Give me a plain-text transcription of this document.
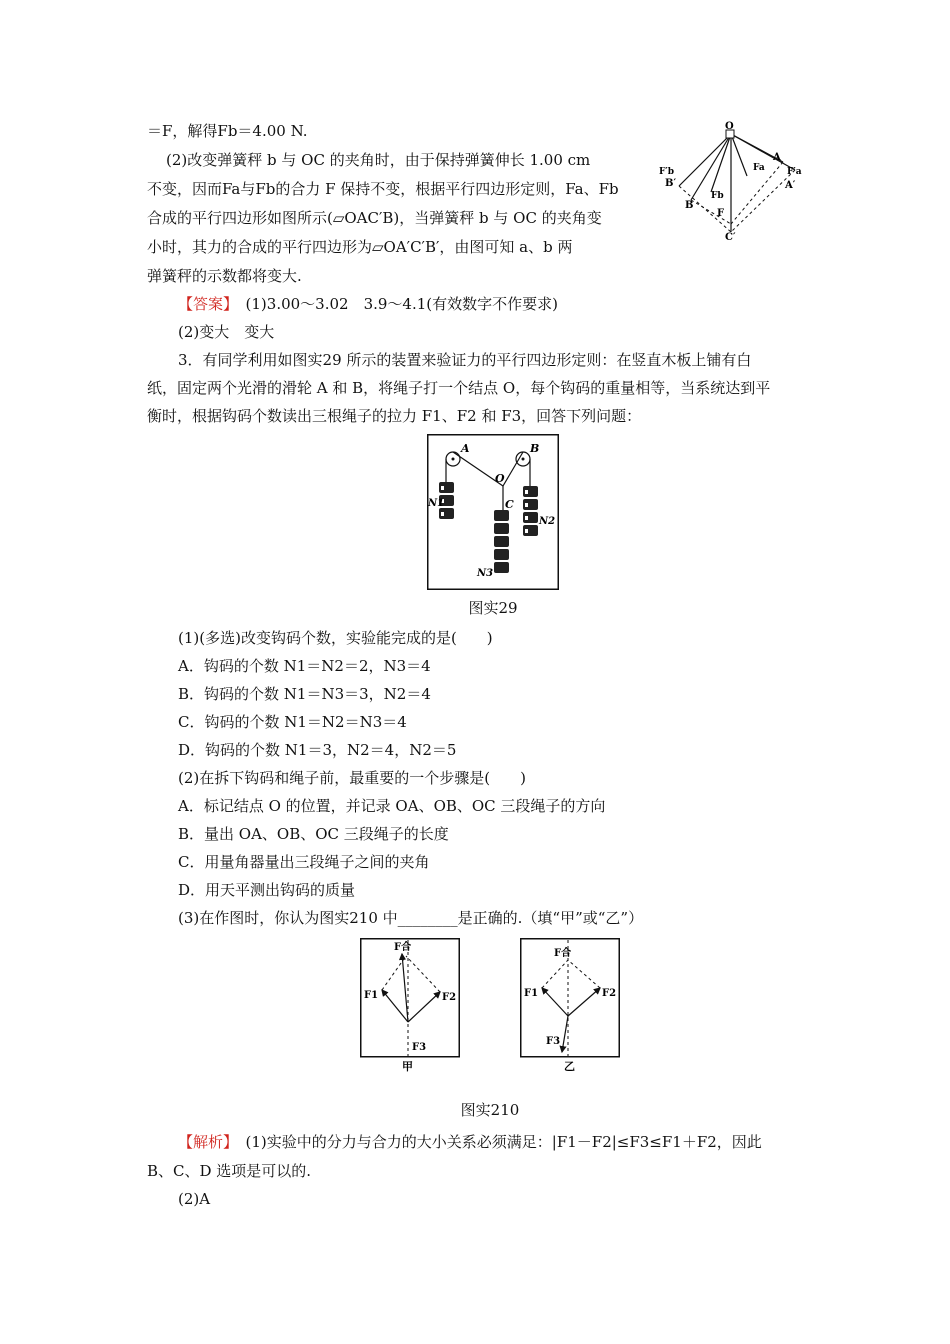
＝F，解得Fb＝4.00 N.
(2)改变弹簧秤 b 与 OC 的夹角时，由于保持弹簧伸长 1.00 cm
不变，因而Fa与Fb的合力 F 保持不变，根据平行四边形定则，Fa、Fb
合成的平行四边形如图所示(▱OAC′B)，当弹簧秤 b 与 OC 的夹角变
小时，其力的合成的平行四边形为▱OA′C′B′，由图可知 a、b 两
弹簧秤的示数都将变大.
O
A
A′
B
B′
C′
F
Fa F′a
Fb
F′b
【答案】　 (1)3.00～3.02　3.9～4.1(有效数字不作要求)
(2)变大　变大
3．有同学利用如图实29 所示的装置来验证力的平行四边形定则：在竖直木板上铺有白
纸，固定两个光滑的滑轮 A 和 B，将绳子打一个结点 O，每个钩码的重量相等，当系统达到平
衡时，根据钩码个数读出三根绳子的拉力 F1、F2 和 F3，回答下列问题：
A	B
O
C
N1
N2
N3
图实29
(1)(多选)改变钩码个数，实验能完成的是(　　)
A．钩码的个数 N1＝N2＝2，N3＝4
B．钩码的个数 N1＝N3＝3，N2＝4
C．钩码的个数 N1＝N2＝N3＝4
D．钩码的个数 N1＝3，N2＝4，N2＝5
(2)在拆下钩码和绳子前，最重要的一个步骤是(　　)
A．标记结点 O 的位置，并记录 OA、OB、OC 三段绳子的方向
B．量出 OA、OB、OC 三段绳子的长度
C．用量角器量出三段绳子之间的夹角
D．用天平测出钩码的质量
(3)在作图时，你认为图实210 中________是正确的.（填“甲”或“乙”）
F合
F1	F2
F3
甲
F合
F1	F2
F3
乙
图实210
【解析】　 (1)实验中的分力与合力的大小关系必须满足：|F1－F2|≤F3≤F1＋F2，因此
B、C、D 选项是可以的.
(2)A
